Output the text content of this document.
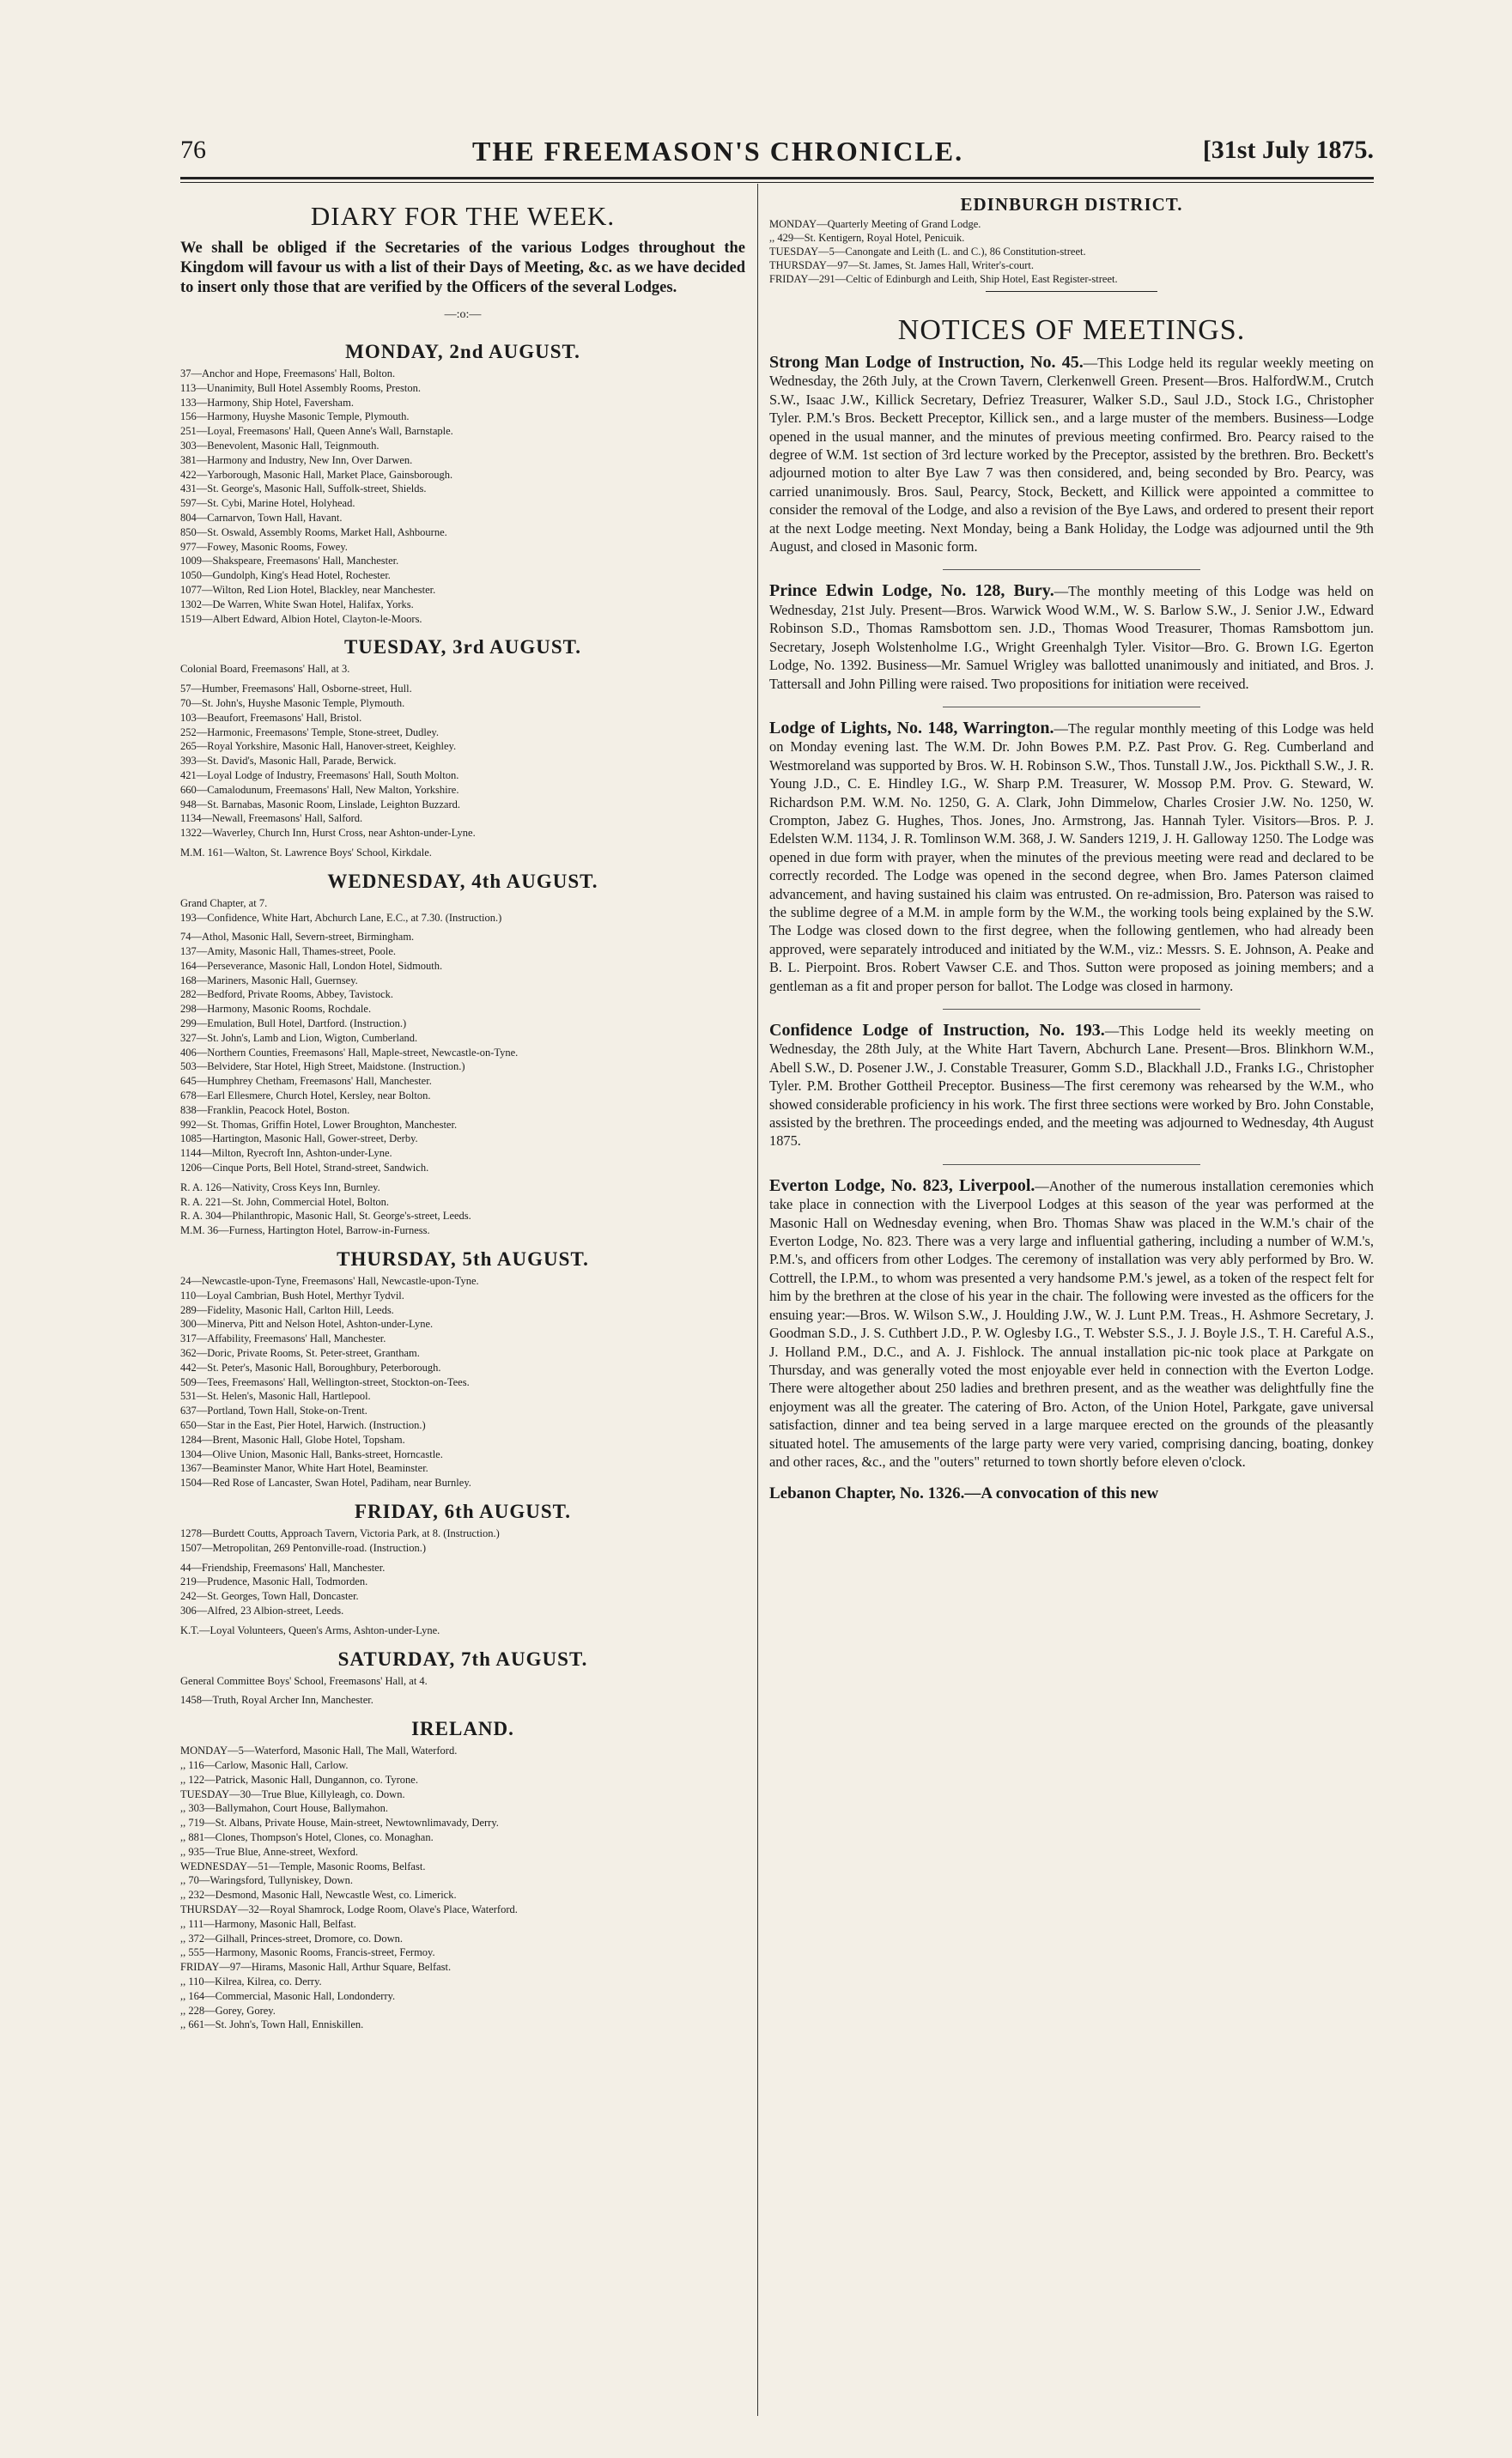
76	THE FREEMASON'S CHRONICLE.	[31st July 1875.
DIARY FOR THE WEEK.
We shall be obliged if the Secretaries of the various Lodges throughout the Kingdom will favour us with a list of their Days of Meeting, &c. as we have decided to insert only those that are verified by the Officers of the several Lodges.
—:o:—
MONDAY, 2nd AUGUST.
37—Anchor and Hope, Freemasons' Hall, Bolton.
113—Unanimity, Bull Hotel Assembly Rooms, Preston.
133—Harmony, Ship Hotel, Faversham.
156—Harmony, Huyshe Masonic Temple, Plymouth.
251—Loyal, Freemasons' Hall, Queen Anne's Wall, Barnstaple.
303—Benevolent, Masonic Hall, Teignmouth.
381—Harmony and Industry, New Inn, Over Darwen.
422—Yarborough, Masonic Hall, Market Place, Gainsborough.
431—St. George's, Masonic Hall, Suffolk-street, Shields.
597—St. Cybi, Marine Hotel, Holyhead.
804—Carnarvon, Town Hall, Havant.
850—St. Oswald, Assembly Rooms, Market Hall, Ashbourne.
977—Fowey, Masonic Rooms, Fowey.
1009—Shakspeare, Freemasons' Hall, Manchester.
1050—Gundolph, King's Head Hotel, Rochester.
1077—Wilton, Red Lion Hotel, Blackley, near Manchester.
1302—De Warren, White Swan Hotel, Halifax, Yorks.
1519—Albert Edward, Albion Hotel, Clayton-le-Moors.
TUESDAY, 3rd AUGUST.
Colonial Board, Freemasons' Hall, at 3.
57—Humber, Freemasons' Hall, Osborne-street, Hull.
70—St. John's, Huyshe Masonic Temple, Plymouth.
103—Beaufort, Freemasons' Hall, Bristol.
252—Harmonic, Freemasons' Temple, Stone-street, Dudley.
265—Royal Yorkshire, Masonic Hall, Hanover-street, Keighley.
393—St. David's, Masonic Hall, Parade, Berwick.
421—Loyal Lodge of Industry, Freemasons' Hall, South Molton.
660—Camalodunum, Freemasons' Hall, New Malton, Yorkshire.
948—St. Barnabas, Masonic Room, Linslade, Leighton Buzzard.
1134—Newall, Freemasons' Hall, Salford.
1322—Waverley, Church Inn, Hurst Cross, near Ashton-under-Lyne.
M.M. 161—Walton, St. Lawrence Boys' School, Kirkdale.
WEDNESDAY, 4th AUGUST.
Grand Chapter, at 7.
193—Confidence, White Hart, Abchurch Lane, E.C., at 7.30. (Instruction.)
74—Athol, Masonic Hall, Severn-street, Birmingham.
137—Amity, Masonic Hall, Thames-street, Poole.
164—Perseverance, Masonic Hall, London Hotel, Sidmouth.
168—Mariners, Masonic Hall, Guernsey.
282—Bedford, Private Rooms, Abbey, Tavistock.
298—Harmony, Masonic Rooms, Rochdale.
299—Emulation, Bull Hotel, Dartford. (Instruction.)
327—St. John's, Lamb and Lion, Wigton, Cumberland.
406—Northern Counties, Freemasons' Hall, Maple-street, Newcastle-on-Tyne.
503—Belvidere, Star Hotel, High Street, Maidstone. (Instruction.)
645—Humphrey Chetham, Freemasons' Hall, Manchester.
678—Earl Ellesmere, Church Hotel, Kersley, near Bolton.
838—Franklin, Peacock Hotel, Boston.
992—St. Thomas, Griffin Hotel, Lower Broughton, Manchester.
1085—Hartington, Masonic Hall, Gower-street, Derby.
1144—Milton, Ryecroft Inn, Ashton-under-Lyne.
1206—Cinque Ports, Bell Hotel, Strand-street, Sandwich.
R. A. 126—Nativity, Cross Keys Inn, Burnley.
R. A. 221—St. John, Commercial Hotel, Bolton.
R. A. 304—Philanthropic, Masonic Hall, St. George's-street, Leeds.
M.M. 36—Furness, Hartington Hotel, Barrow-in-Furness.
THURSDAY, 5th AUGUST.
24—Newcastle-upon-Tyne, Freemasons' Hall, Newcastle-upon-Tyne.
110—Loyal Cambrian, Bush Hotel, Merthyr Tydvil.
289—Fidelity, Masonic Hall, Carlton Hill, Leeds.
300—Minerva, Pitt and Nelson Hotel, Ashton-under-Lyne.
317—Affability, Freemasons' Hall, Manchester.
362—Doric, Private Rooms, St. Peter-street, Grantham.
442—St. Peter's, Masonic Hall, Boroughbury, Peterborough.
509—Tees, Freemasons' Hall, Wellington-street, Stockton-on-Tees.
531—St. Helen's, Masonic Hall, Hartlepool.
637—Portland, Town Hall, Stoke-on-Trent.
650—Star in the East, Pier Hotel, Harwich. (Instruction.)
1284—Brent, Masonic Hall, Globe Hotel, Topsham.
1304—Olive Union, Masonic Hall, Banks-street, Horncastle.
1367—Beaminster Manor, White Hart Hotel, Beaminster.
1504—Red Rose of Lancaster, Swan Hotel, Padiham, near Burnley.
FRIDAY, 6th AUGUST.
1278—Burdett Coutts, Approach Tavern, Victoria Park, at 8. (Instruction.)
1507—Metropolitan, 269 Pentonville-road. (Instruction.)
44—Friendship, Freemasons' Hall, Manchester.
219—Prudence, Masonic Hall, Todmorden.
242—St. Georges, Town Hall, Doncaster.
306—Alfred, 23 Albion-street, Leeds.
K.T.—Loyal Volunteers, Queen's Arms, Ashton-under-Lyne.
SATURDAY, 7th AUGUST.
General Committee Boys' School, Freemasons' Hall, at 4.
1458—Truth, Royal Archer Inn, Manchester.
IRELAND.
MONDAY—5—Waterford, Masonic Hall, The Mall, Waterford.
,, 116—Carlow, Masonic Hall, Carlow.
,, 122—Patrick, Masonic Hall, Dungannon, co. Tyrone.
TUESDAY—30—True Blue, Killyleagh, co. Down.
,, 303—Ballymahon, Court House, Ballymahon.
,, 719—St. Albans, Private House, Main-street, Newtownlimavady, Derry.
,, 881—Clones, Thompson's Hotel, Clones, co. Monaghan.
,, 935—True Blue, Anne-street, Wexford.
WEDNESDAY—51—Temple, Masonic Rooms, Belfast.
,, 70—Waringsford, Tullyniskey, Down.
,, 232—Desmond, Masonic Hall, Newcastle West, co. Limerick.
THURSDAY—32—Royal Shamrock, Lodge Room, Olave's Place, Waterford.
,, 111—Harmony, Masonic Hall, Belfast.
,, 372—Gilhall, Princes-street, Dromore, co. Down.
,, 555—Harmony, Masonic Rooms, Francis-street, Fermoy.
FRIDAY—97—Hirams, Masonic Hall, Arthur Square, Belfast.
,, 110—Kilrea, Kilrea, co. Derry.
,, 164—Commercial, Masonic Hall, Londonderry.
,, 228—Gorey, Gorey.
,, 661—St. John's, Town Hall, Enniskillen.
EDINBURGH DISTRICT.
MONDAY—Quarterly Meeting of Grand Lodge.
,, 429—St. Kentigern, Royal Hotel, Penicuik.
TUESDAY—5—Canongate and Leith (L. and C.), 86 Constitution-street.
THURSDAY—97—St. James, St. James Hall, Writer's-court.
FRIDAY—291—Celtic of Edinburgh and Leith, Ship Hotel, East Register-street.
NOTICES OF MEETINGS.

Strong Man Lodge of Instruction, No. 45.—This Lodge held its regular weekly meeting on Wednesday, the 26th July, at the Crown Tavern, Clerkenwell Green. Present—Bros. HalfordW.M., Crutch S.W., Isaac J.W., Killick Secretary, Defriez Treasurer, Walker S.D., Saul J.D., Stock I.G., Christopher Tyler. P.M.'s Bros. Beckett Preceptor, Killick sen., and a large muster of the members. Business—Lodge opened in the usual manner, and the minutes of previous meeting confirmed. Bro. Pearcy raised to the degree of W.M. 1st section of 3rd lecture worked by the Preceptor, assisted by the brethren. Bro. Beckett's adjourned motion to alter Bye Law 7 was then considered, and, being seconded by Bro. Pearcy, was carried unanimously. Bros. Saul, Pearcy, Stock, Beckett, and Killick were appointed a committee to consider the removal of the Lodge, and also a revision of the Bye Laws, and ordered to present their report at the next Lodge meeting. Next Monday, being a Bank Holiday, the Lodge was adjourned until the 9th August, and closed in Masonic form.

Prince Edwin Lodge, No. 128, Bury.—The monthly meeting of this Lodge was held on Wednesday, 21st July. Present—Bros. Warwick Wood W.M., W. S. Barlow S.W., J. Senior J.W., Edward Robinson S.D., Thomas Ramsbottom sen. J.D., Thomas Wood Treasurer, Thomas Ramsbottom jun. Secretary, Joseph Wolstenholme I.G., Wright Greenhalgh Tyler. Visitor—Bro. G. Brown I.G. Egerton Lodge, No. 1392. Business—Mr. Samuel Wrigley was ballotted unanimously and initiated, and Bros. J. Tattersall and John Pilling were raised. Two propositions for initiation were received.

Lodge of Lights, No. 148, Warrington.—The regular monthly meeting of this Lodge was held on Monday evening last. The W.M. Dr. John Bowes P.M. P.Z. Past Prov. G. Reg. Cumberland and Westmoreland was supported by Bros. W. H. Robinson S.W., Thos. Tunstall J.W., Jos. Pickthall S.W., J. R. Young J.D., C. E. Hindley I.G., W. Sharp P.M. Treasurer, W. Mossop P.M. Prov. G. Steward, W. Richardson P.M. W.M. No. 1250, G. A. Clark, John Dimmelow, Charles Crosier J.W. No. 1250, W. Crompton, Jabez G. Hughes, Thos. Jones, Jno. Armstrong, Jas. Hannah Tyler. Visitors—Bros. P. J. Edelsten W.M. 1134, J. R. Tomlinson W.M. 368, J. W. Sanders 1219, J. H. Galloway 1250. The Lodge was opened in due form with prayer, when the minutes of the previous meeting were read and declared to be correctly recorded. The Lodge was opened in the second degree, when Bro. James Paterson claimed advancement, and having sustained his claim was entrusted. On re-admission, Bro. Paterson was raised to the sublime degree of a M.M. in ample form by the W.M., the working tools being explained by the S.W. The Lodge was closed down to the first degree, when the following gentlemen, who had already been approved, were separately introduced and initiated by the W.M., viz.: Messrs. S. E. Johnson, A. Peake and B. L. Pierpoint. Bros. Robert Vawser C.E. and Thos. Sutton were proposed as joining members; and a gentleman as a fit and proper person for ballot. The Lodge was closed in harmony.

Confidence Lodge of Instruction, No. 193.—This Lodge held its weekly meeting on Wednesday, the 28th July, at the White Hart Tavern, Abchurch Lane. Present—Bros. Blinkhorn W.M., Abell S.W., D. Posener J.W., J. Constable Treasurer, Gomm S.D., Blackhall J.D., Franks I.G., Christopher Tyler. P.M. Brother Gottheil Preceptor. Business—The first ceremony was rehearsed by the W.M., who showed considerable proficiency in his work. The first three sections were worked by Bro. John Constable, assisted by the brethren. The proceedings ended, and the meeting was adjourned to Wednesday, 4th August 1875.

Everton Lodge, No. 823, Liverpool.—Another of the numerous installation ceremonies which take place in connection with the Liverpool Lodges at this season of the year was performed at the Masonic Hall on Wednesday evening, when Bro. Thomas Shaw was placed in the W.M.'s chair of the Everton Lodge, No. 823. There was a very large and influential gathering, including a number of W.M.'s, P.M.'s, and officers from other Lodges. The ceremony of installation was very ably performed by Bro. W. Cottrell, the I.P.M., to whom was presented a very handsome P.M.'s jewel, as a token of the respect felt for him by the brethren at the close of his year in the chair. The following were invested as the officers for the ensuing year:—Bros. W. Wilson S.W., J. Houlding J.W., W. J. Lunt P.M. Treas., H. Ashmore Secretary, J. Goodman S.D., J. S. Cuthbert J.D., P. W. Oglesby I.G., T. Webster S.S., J. J. Boyle J.S., T. H. Careful A.S., J. Holland P.M., D.C., and A. J. Fishlock. The annual installation pic-nic took place at Parkgate on Thursday, and was generally voted the most enjoyable ever held in connection with the Everton Lodge. There were altogether about 250 ladies and brethren present, and as the weather was delightfully fine the enjoyment was all the greater. The catering of Bro. Acton, of the Union Hotel, Parkgate, gave universal satisfaction, dinner and tea being served in a large marquee erected on the grounds of the pleasantly situated hotel. The amusements of the large party were very varied, comprising dancing, boating, donkey and other races, &c., and the "outers" returned to town shortly before eleven o'clock.

Lebanon Chapter, No. 1326.—A convocation of this new
